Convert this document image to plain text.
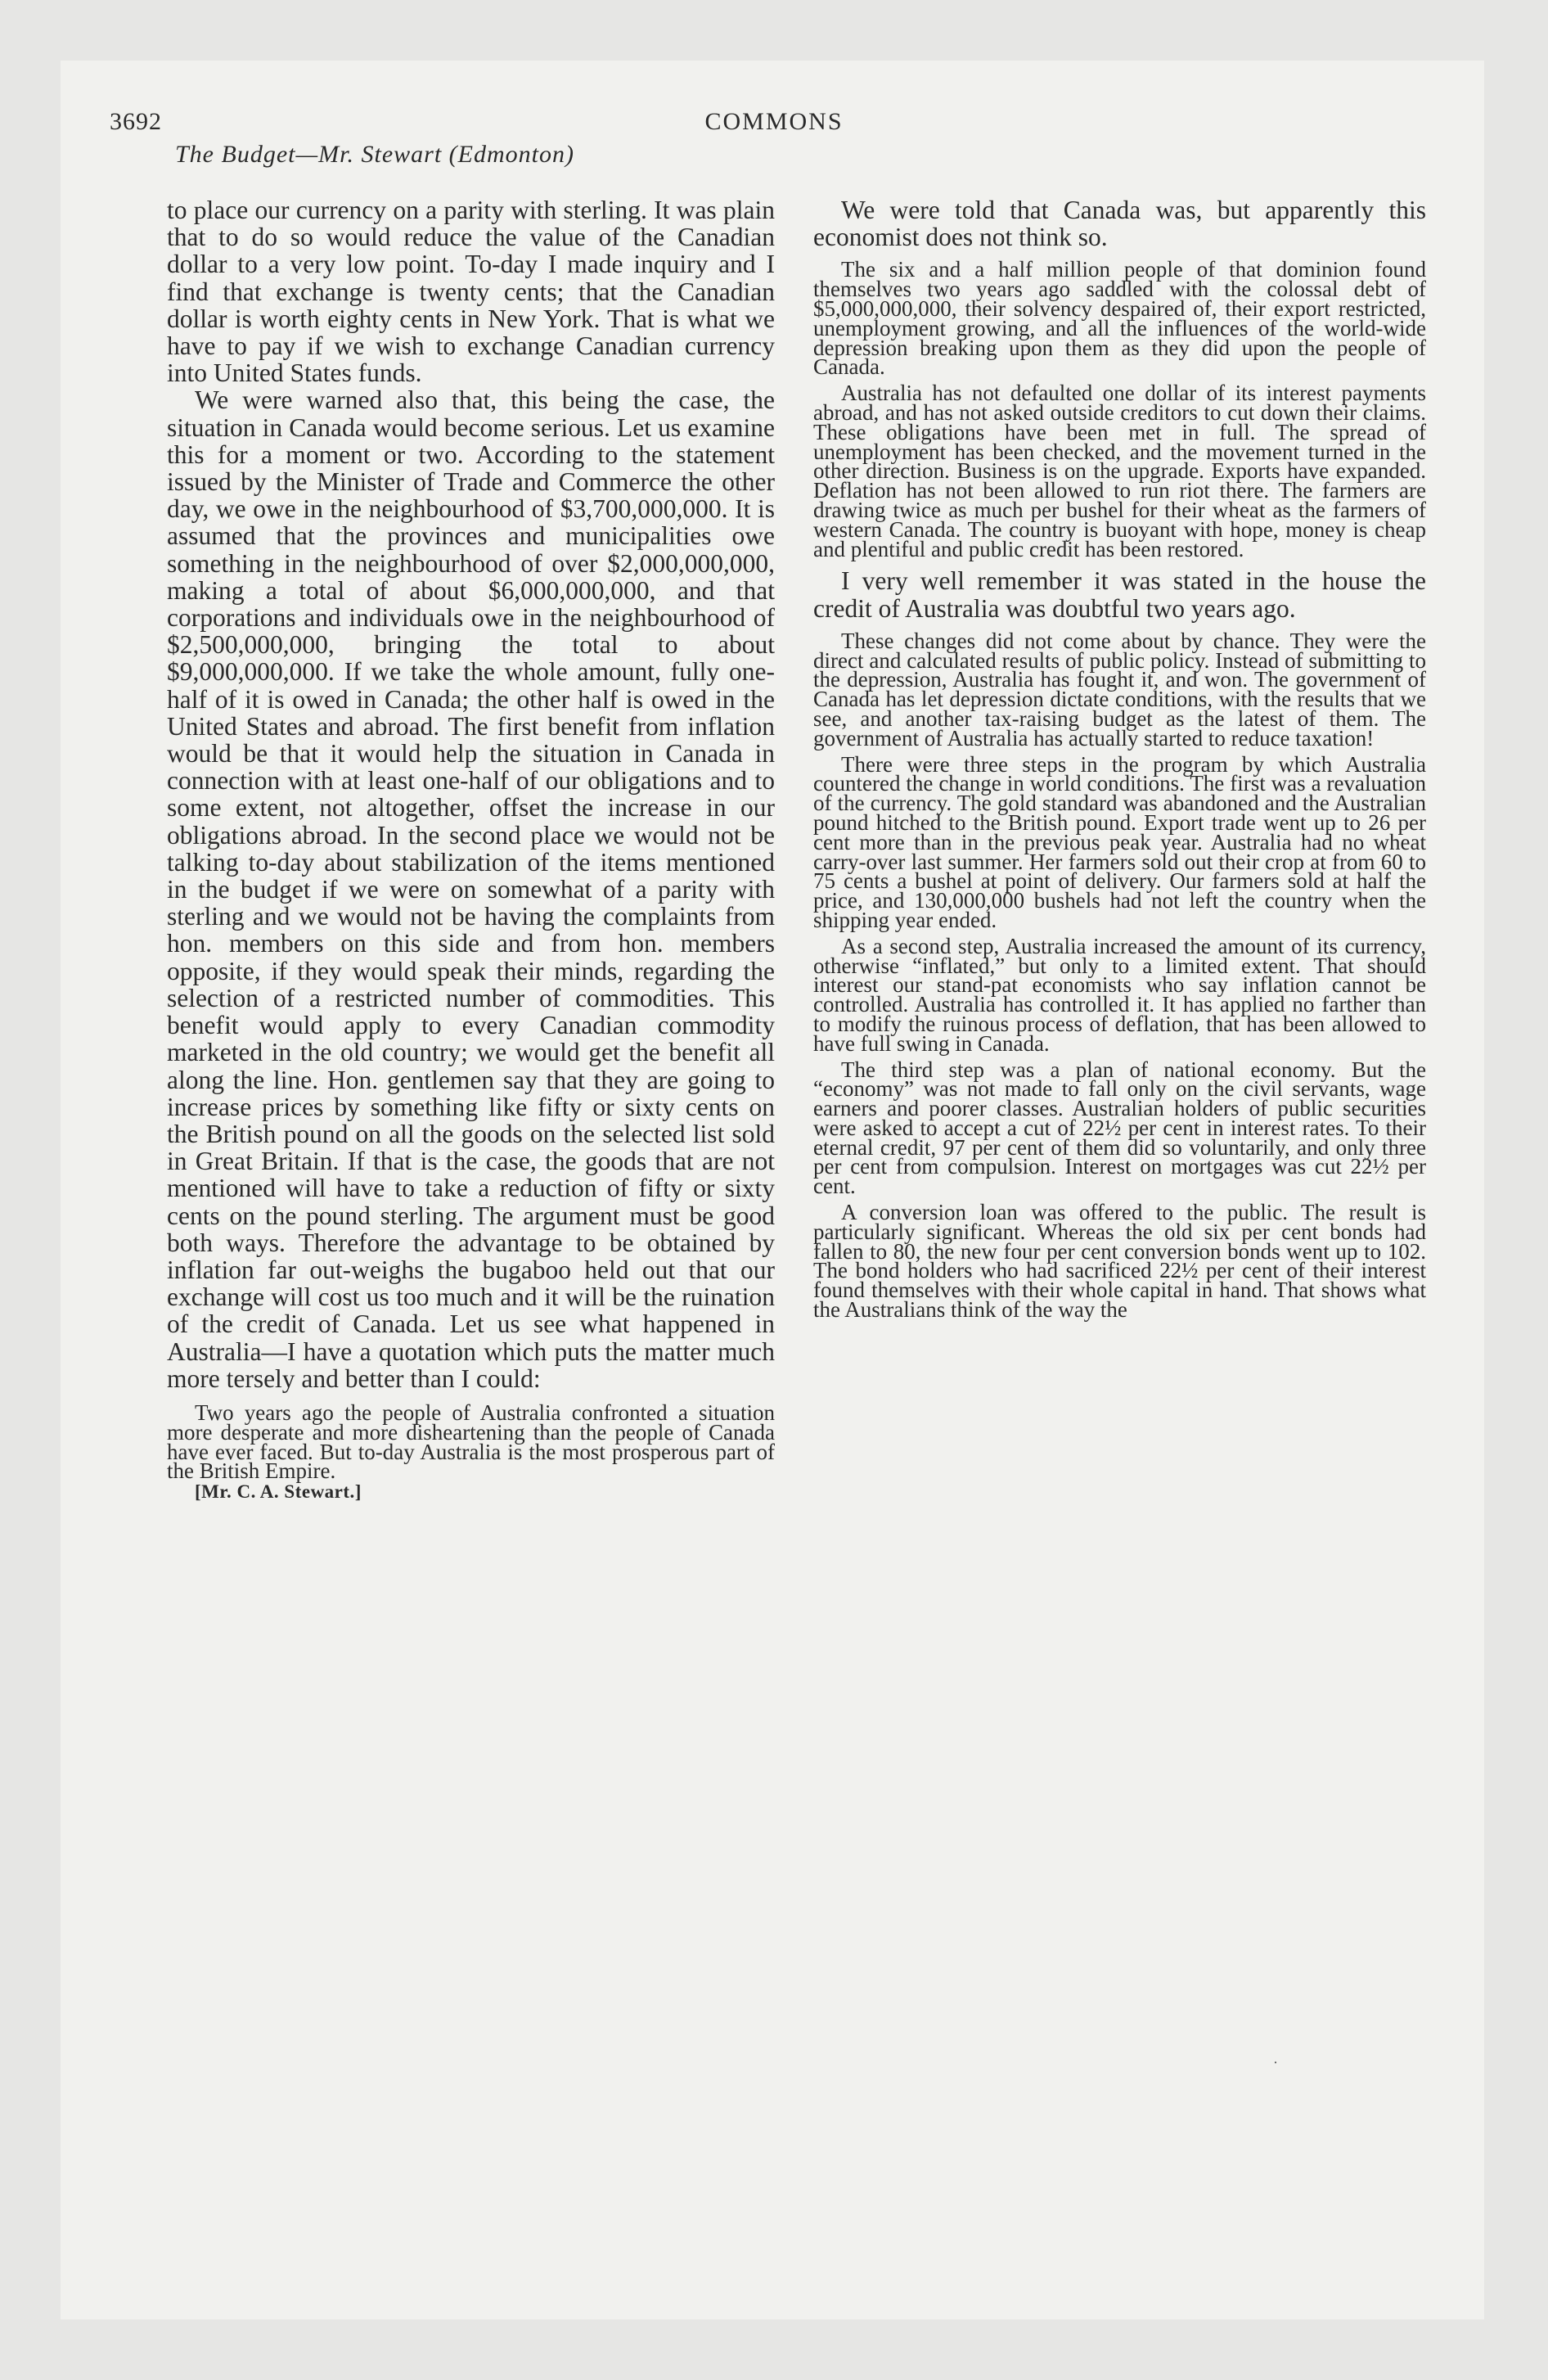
3692	COMMONS
The Budget—Mr. Stewart (Edmonton)

to place our currency on a parity with sterling. It was plain that to do so would reduce the value of the Canadian dollar to a very low point. To-day I made inquiry and I find that exchange is twenty cents; that the Canadian dollar is worth eighty cents in New York. That is what we have to pay if we wish to exchange Canadian currency into United States funds.

We were warned also that, this being the case, the situation in Canada would become serious. Let us examine this for a moment or two. According to the statement issued by the Minister of Trade and Commerce the other day, we owe in the neighbourhood of $3,700,000,000. It is assumed that the provinces and municipalities owe something in the neighbourhood of over $2,000,000,000, making a total of about $6,000,000,000, and that corporations and individuals owe in the neighbourhood of $2,500,000,000, bringing the total to about $9,000,000,000. If we take the whole amount, fully one-half of it is owed in Canada; the other half is owed in the United States and abroad. The first benefit from inflation would be that it would help the situation in Canada in connection with at least one-half of our obligations and to some extent, not altogether, offset the increase in our obligations abroad. In the second place we would not be talking to-day about stabilization of the items mentioned in the budget if we were on somewhat of a parity with sterling and we would not be having the complaints from hon. members on this side and from hon. members opposite, if they would speak their minds, regarding the selection of a restricted number of commodities. This benefit would apply to every Canadian commodity marketed in the old country; we would get the benefit all along the line. Hon. gentlemen say that they are going to increase prices by something like fifty or sixty cents on the British pound on all the goods on the selected list sold in Great Britain. If that is the case, the goods that are not mentioned will have to take a reduction of fifty or sixty cents on the pound sterling. The argument must be good both ways. Therefore the advantage to be obtained by inflation far out-weighs the bugaboo held out that our exchange will cost us too much and it will be the ruination of the credit of Canada. Let us see what happened in Australia—I have a quotation which puts the matter much more tersely and better than I could:

Two years ago the people of Australia confronted a situation more desperate and more disheartening than the people of Canada have ever faced. But to-day Australia is the most prosperous part of the British Empire.

[Mr. C. A. Stewart.]

We were told that Canada was, but apparently this economist does not think so.

The six and a half million people of that dominion found themselves two years ago saddled with the colossal debt of $5,000,000,000, their solvency despaired of, their export restricted, unemployment growing, and all the influences of the world-wide depression breaking upon them as they did upon the people of Canada.

Australia has not defaulted one dollar of its interest payments abroad, and has not asked outside creditors to cut down their claims. These obligations have been met in full. The spread of unemployment has been checked, and the movement turned in the other direction. Business is on the upgrade. Exports have expanded. Deflation has not been allowed to run riot there. The farmers are drawing twice as much per bushel for their wheat as the farmers of western Canada. The country is buoyant with hope, money is cheap and plentiful and public credit has been restored.

I very well remember it was stated in the house the credit of Australia was doubtful two years ago.

These changes did not come about by chance. They were the direct and calculated results of public policy. Instead of submitting to the depression, Australia has fought it, and won. The government of Canada has let depression dictate conditions, with the results that we see, and another tax-raising budget as the latest of them. The government of Australia has actually started to reduce taxation!

There were three steps in the program by which Australia countered the change in world conditions. The first was a revaluation of the currency. The gold standard was abandoned and the Australian pound hitched to the British pound. Export trade went up to 26 per cent more than in the previous peak year. Australia had no wheat carry-over last summer. Her farmers sold out their crop at from 60 to 75 cents a bushel at point of delivery. Our farmers sold at half the price, and 130,000,000 bushels had not left the country when the shipping year ended.

As a second step, Australia increased the amount of its currency, otherwise “inflated,” but only to a limited extent. That should interest our stand-pat economists who say inflation cannot be controlled. Australia has controlled it. It has applied no farther than to modify the ruinous process of deflation, that has been allowed to have full swing in Canada.

The third step was a plan of national economy. But the “economy” was not made to fall only on the civil servants, wage earners and poorer classes. Australian holders of public securities were asked to accept a cut of 22½ per cent in interest rates. To their eternal credit, 97 per cent of them did so voluntarily, and only three per cent from compulsion. Interest on mortgages was cut 22½ per cent.

A conversion loan was offered to the public. The result is particularly significant. Whereas the old six per cent bonds had fallen to 80, the new four per cent conversion bonds went up to 102. The bond holders who had sacrificed 22½ per cent of their interest found themselves with their whole capital in hand. That shows what the Australians think of the way the

·
